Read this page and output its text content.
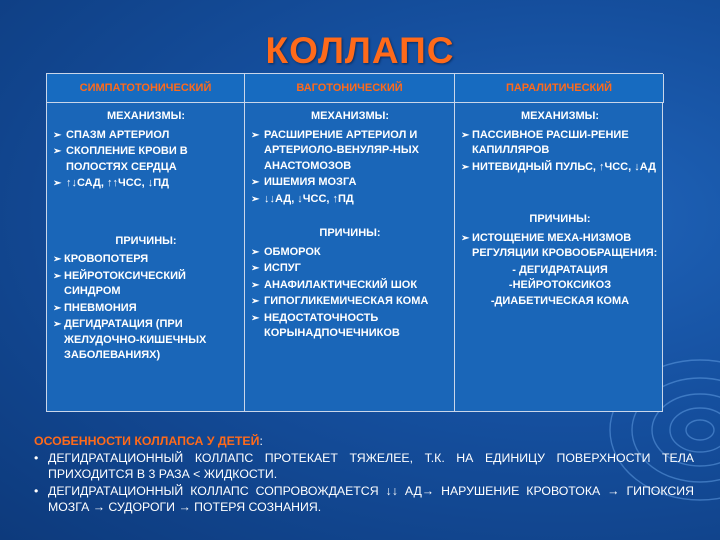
КОЛЛАПС
СИМПАТОТОНИЧЕСКИЙ	ВАГОТОНИЧЕСКИЙ	ПАРАЛИТИЧЕСКИЙ
МЕХАНИЗМЫ:
➢ СПАЗМ АРТЕРИОЛ
➢ СКОПЛЕНИЕ КРОВИ В ПОЛОСТЯХ СЕРДЦА
➢ ↑↓САД, ↑↑ЧСС, ↓ПД
ПРИЧИНЫ:
➢ КРОВОПОТЕРЯ
➢ НЕЙРОТОКСИЧЕСКИЙ СИНДРОМ
➢ ПНЕВМОНИЯ
➢ ДЕГИДРАТАЦИЯ (ПРИ ЖЕЛУДОЧНО-КИШЕЧНЫХ ЗАБОЛЕВАНИЯХ)
МЕХАНИЗМЫ:
➢ РАСШИРЕНИЕ АРТЕРИОЛ И АРТЕРИОЛО-ВЕНУЛЯР-НЫХ АНАСТОМОЗОВ
➢ ИШЕМИЯ МОЗГА
➢ ↓↓АД, ↓ЧСС, ↑ПД
ПРИЧИНЫ:
➢ ОБМОРОК
➢ ИСПУГ
➢ АНАФИЛАКТИЧЕСКИЙ ШОК
➢ ГИПОГЛИКЕМИЧЕСКАЯ КОМА
➢ НЕДОСТАТОЧНОСТЬ КОРЫНАДПОЧЕЧНИКОВ
МЕХАНИЗМЫ:
➢ ПАССИВНОЕ РАСШИ-РЕНИЕ КАПИЛЛЯРОВ
➢ НИТЕВИДНЫЙ ПУЛЬС, ↑ЧСС, ↓АД
ПРИЧИНЫ:
➢ ИСТОЩЕНИЕ МЕХА-НИЗМОВ РЕГУЛЯЦИИ КРОВООБРАЩЕНИЯ:
- ДЕГИДРАТАЦИЯ
-НЕЙРОТОКСИКОЗ
-ДИАБЕТИЧЕСКАЯ КОМА
ОСОБЕННОСТИ КОЛЛАПСА У ДЕТЕЙ:
• ДЕГИДРАТАЦИОННЫЙ КОЛЛАПС ПРОТЕКАЕТ ТЯЖЕЛЕЕ, Т.К. НА ЕДИНИЦУ ПОВЕРХНОСТИ ТЕЛА ПРИХОДИТСЯ В 3 РАЗА < ЖИДКОСТИ.
• ДЕГИДРАТАЦИОННЫЙ КОЛЛАПС СОПРОВОЖДАЕТСЯ ↓↓ АД→ НАРУШЕНИЕ КРОВОТОКА → ГИПОКСИЯ МОЗГА → СУДОРОГИ → ПОТЕРЯ СОЗНАНИЯ.
